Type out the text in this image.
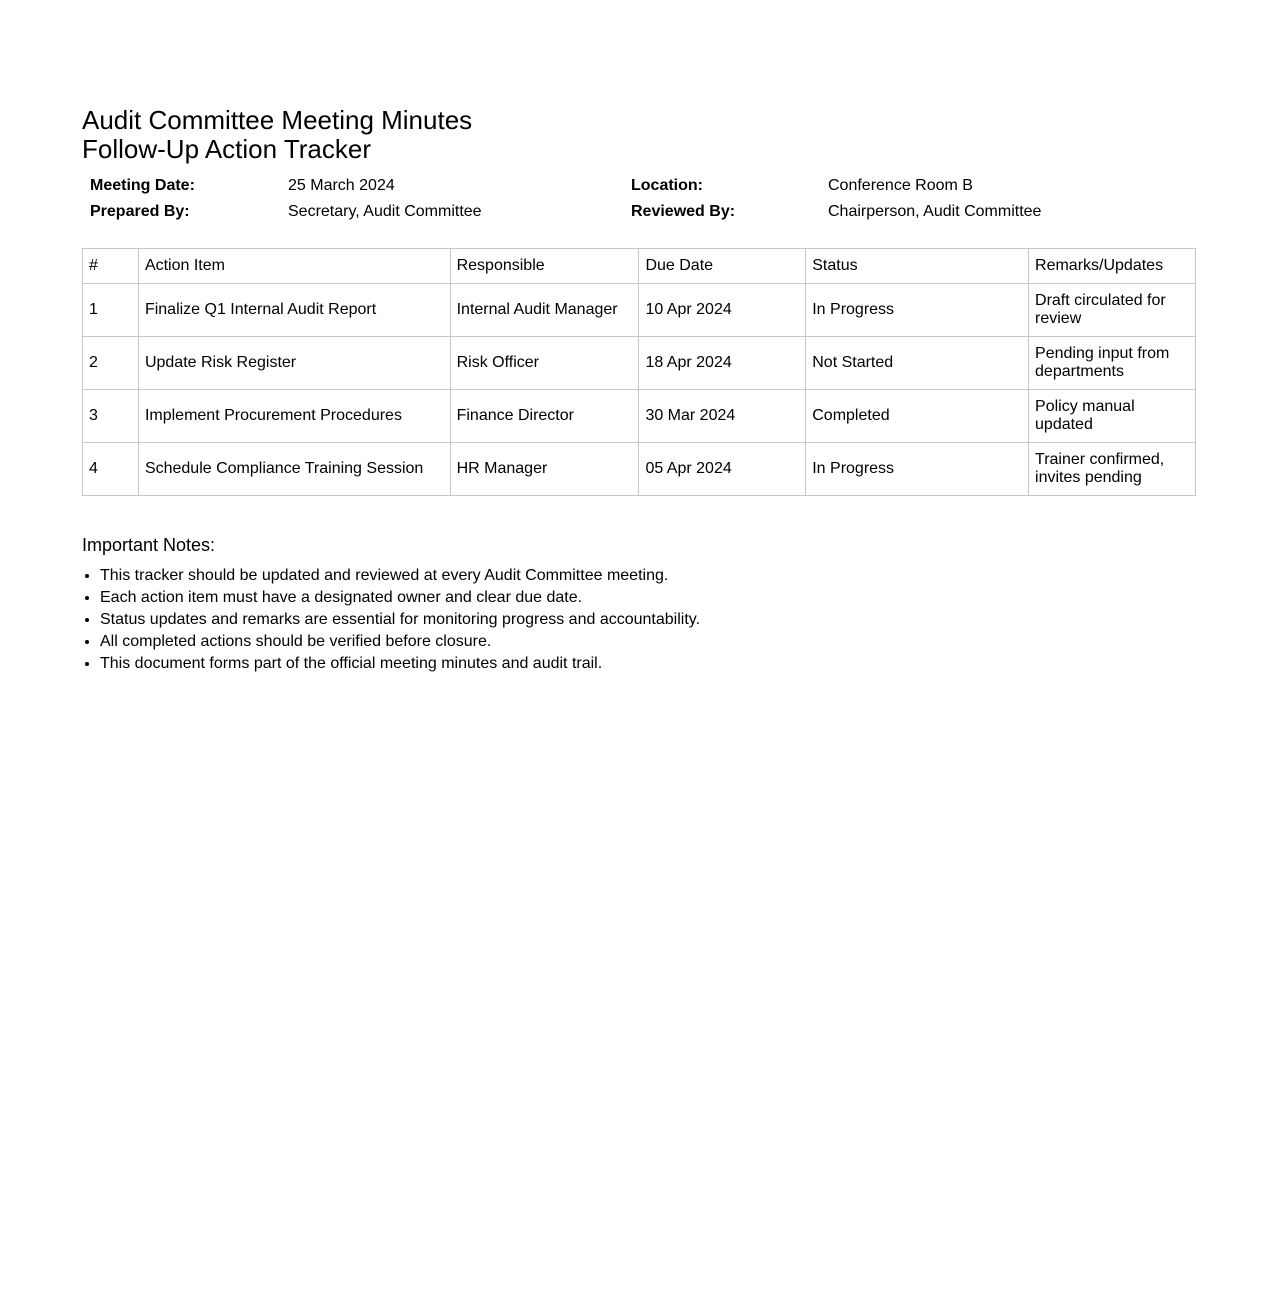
Audit Committee Meeting Minutes
Follow-Up Action Tracker
Meeting Date:	25 March 2024	Location:	Conference Room B
Prepared By:	Secretary, Audit Committee	Reviewed By:	Chairperson, Audit Committee
#	Action Item	Responsible	Due Date	Status	Remarks/Updates
1	Finalize Q1 Internal Audit Report	Internal Audit Manager	10 Apr 2024	In Progress	Draft circulated for review
2	Update Risk Register	Risk Officer	18 Apr 2024	Not Started	Pending input from departments
3	Implement Procurement Procedures	Finance Director	30 Mar 2024	Completed	Policy manual updated
4	Schedule Compliance Training Session	HR Manager	05 Apr 2024	In Progress	Trainer confirmed, invites pending
Important Notes:
• This tracker should be updated and reviewed at every Audit Committee meeting.
• Each action item must have a designated owner and clear due date.
• Status updates and remarks are essential for monitoring progress and accountability.
• All completed actions should be verified before closure.
• This document forms part of the official meeting minutes and audit trail.
